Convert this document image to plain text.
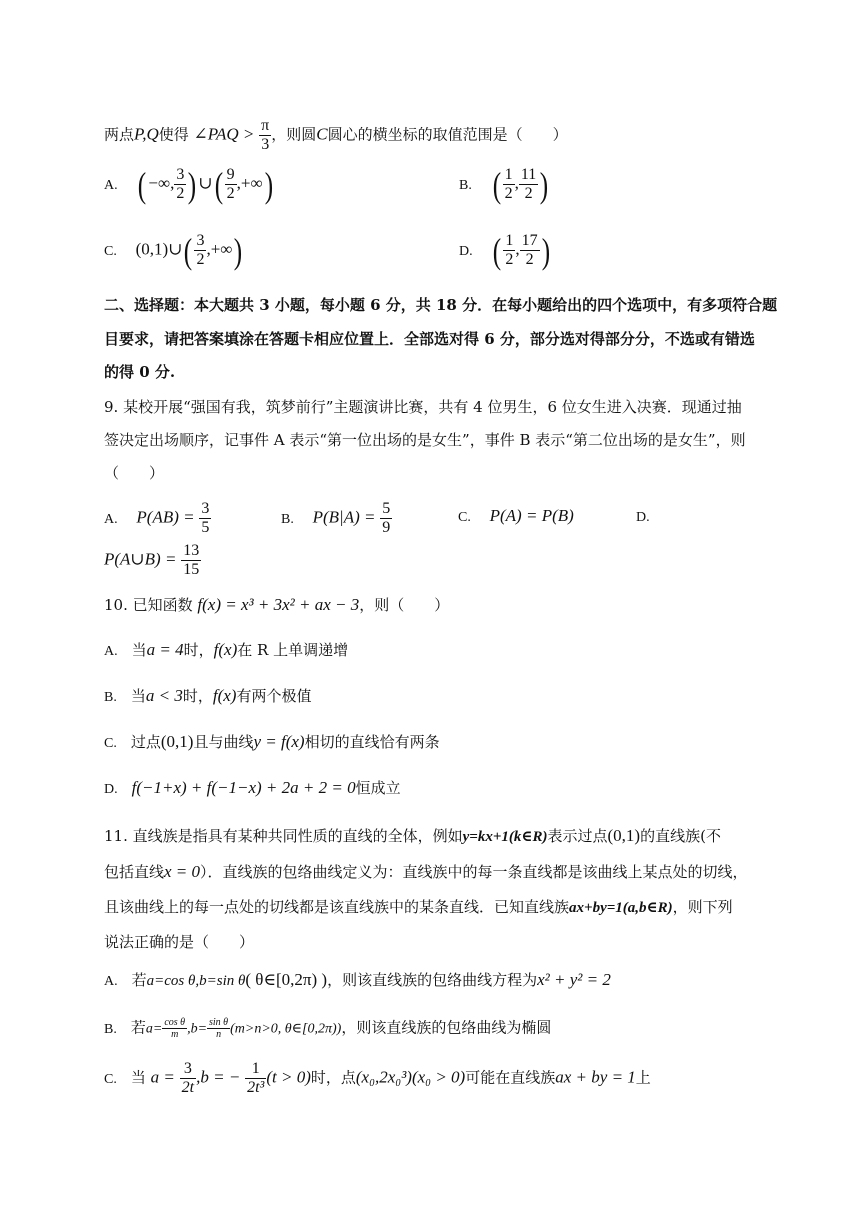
两点P,Q使得 ∠PAQ > $\frac{\pi}{3}$ ，则圆C圆心的横坐标的取值范围是（　　）
A. ( −∞, $\frac{3}{2}$ ) ∪( $\frac{9}{2}$ ,+∞)	B. ( $\frac{1}{2}$ , $\frac{11}{2}$ )
C. (0,1)∪( $\frac{3}{2}$ ,+∞)	D. ( $\frac{1}{2}$ , $\frac{17}{2}$ )
二、选择题：本大题共 3 小题，每小题 6 分，共 18 分．在每小题给出的四个选项中，有多项符合题
目要求，请把答案填涂在答题卡相应位置上．全部选对得 6 分，部分选对得部分分，不选或有错选
的得 0 分.
9. 某校开展“强国有我，筑梦前行”主题演讲比赛，共有 4 位男生，6 位女生进入决赛．现通过抽
签决定出场顺序，记事件 A 表示“第一位出场的是女生”，事件 B 表示“第二位出场的是女生”，则
（　　）
A. $P(AB) = \frac{3}{5}$	B. $P(B|A) = \frac{5}{9}$	C. P(A) = P(B)	D.
P(A∪B) = $\frac{13}{15}$
10. 已知函数 f(x) = x³ + 3x² + ax − 3，则（　　）
A. 当a = 4时，f(x)在 R 上单调递增
B. 当a < 3时，f(x)有两个极值
C. 过点(0,1)且与曲线y = f(x)相切的直线恰有两条
D. f(−1+x) + f(−1−x) + 2a + 2 = 0恒成立
11. 直线族是指具有某种共同性质的直线的全体，例如y=kx+1(k∈R)表示过点(0,1)的直线族(不
包括直线x = 0）．直线族的包络曲线定义为：直线族中的每一条直线都是该曲线上某点处的切线，
且该曲线上的每一点处的切线都是该直线族中的某条直线．已知直线族ax+by=1(a,b∈R)，则下列
说法正确的是（　　）
A. 若a=cos θ,b=sin θ( θ∈[0,2π) )，则该直线族的包络曲线方程为x² + y² = 2
B. 若$a= \frac{\text{cos θ}}{m} ,b= \frac{\text{sin θ}}{n} (m>n>0$, θ∈[0,2π))，则该直线族的包络曲线为椭圆
C. 当 $a = \frac{3}{2t} ,b$ = − $\frac{1}{\text{2t³}} (t > 0)$时，点(x₀,2x₀³)(x₀ > 0)可能在直线族ax + by = 1上
